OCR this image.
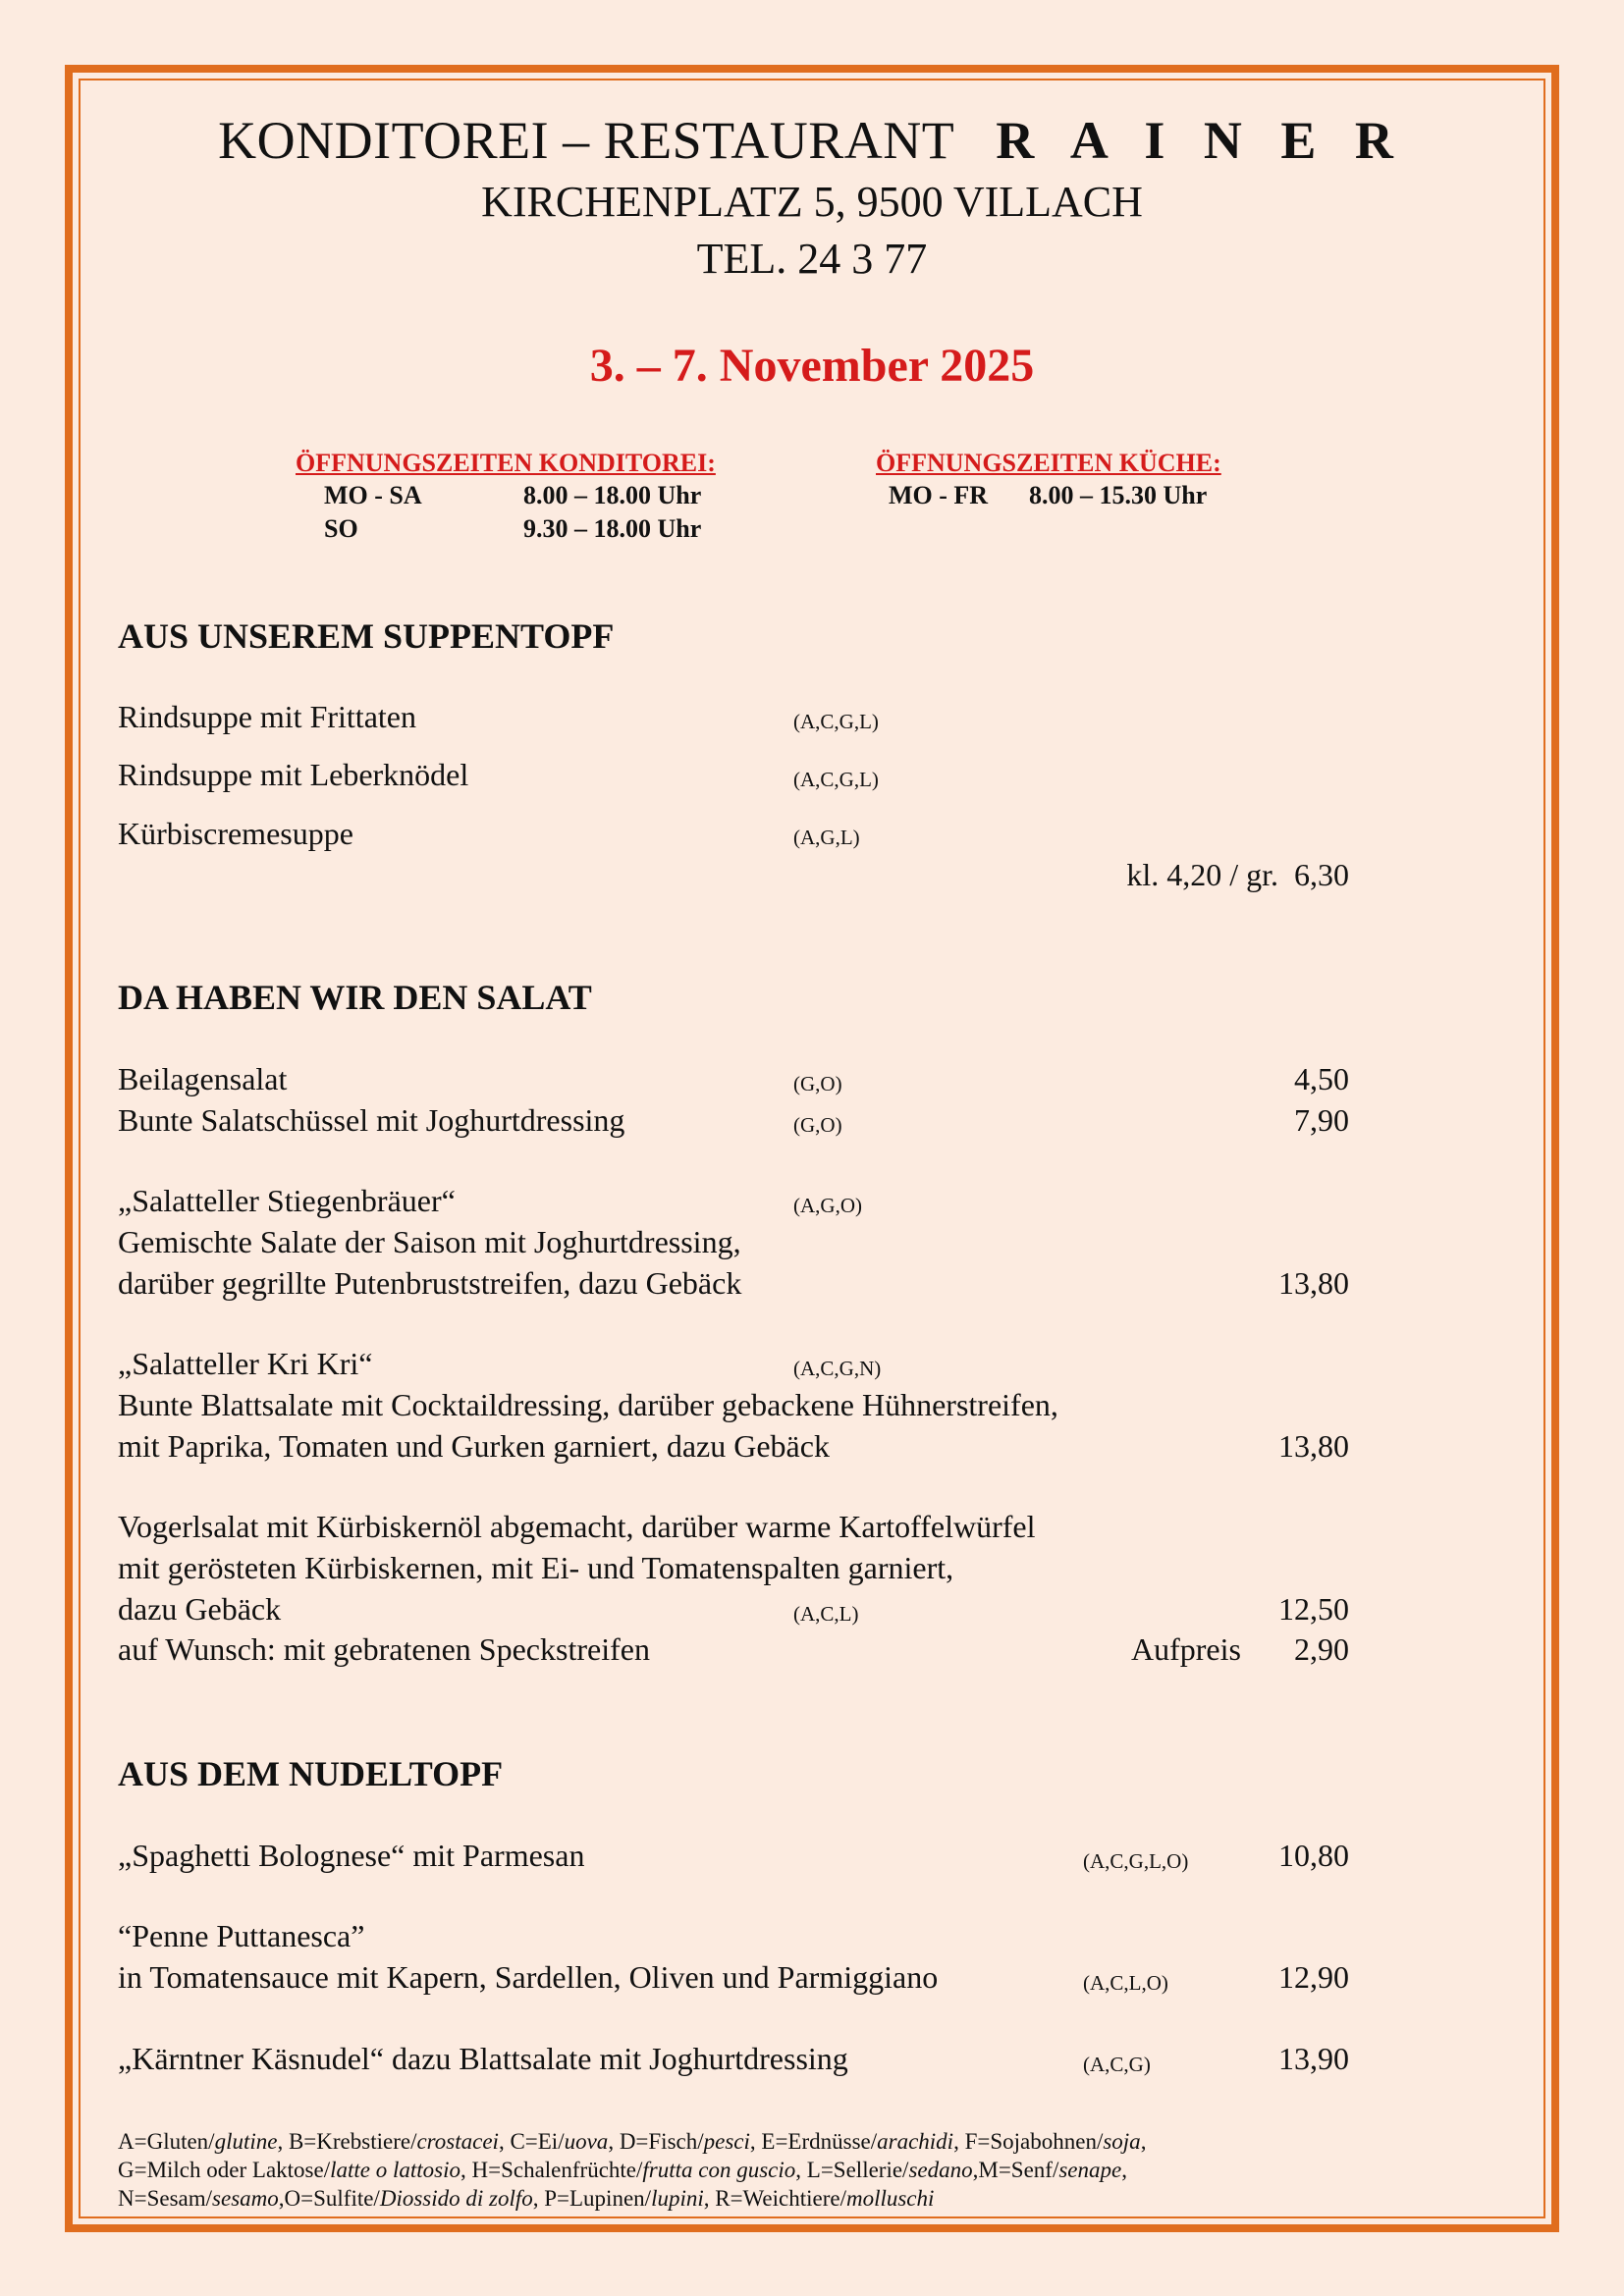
KONDITOREI – RESTAURANT R A I N E R
KIRCHENPLATZ 5, 9500 VILLACH
TEL. 24 3 77
3. – 7. November 2025
ÖFFNUNGSZEITEN KONDITOREI:
MO - SA	8.00 – 18.00 Uhr
SO	9.30 – 18.00 Uhr
ÖFFNUNGSZEITEN KÜCHE:
MO - FR 8.00 – 15.30 Uhr
AUS UNSEREM SUPPENTOPF
Rindsuppe mit Frittaten	(A,C,G,L)
Rindsuppe mit Leberknödel	(A,C,G,L)
Kürbiscremesuppe	(A,G,L)
kl. 4,20 / gr.  6,30
DA HABEN WIR DEN SALAT
Beilagensalat	(G,O)	4,50
Bunte Salatschüssel mit Joghurtdressing	(G,O)	7,90
„Salatteller Stiegenbräuer“	(A,G,O)
Gemischte Salate der Saison mit Joghurtdressing,
darüber gegrillte Putenbruststreifen, dazu Gebäck	13,80
„Salatteller Kri Kri“	(A,C,G,N)
Bunte Blattsalate mit Cocktaildressing, darüber gebackene Hühnerstreifen,
mit Paprika, Tomaten und Gurken garniert, dazu Gebäck	13,80
Vogerlsalat mit Kürbiskernöl abgemacht, darüber warme Kartoffelwürfel
mit gerösteten Kürbiskernen, mit Ei- und Tomatenspalten garniert,
dazu Gebäck	(A,C,L)	12,50
auf Wunsch: mit gebratenen Speckstreifen	Aufpreis 2,90
AUS DEM NUDELTOPF
„Spaghetti Bolognese“ mit Parmesan	(A,C,G,L,O)	10,80
“Penne Puttanesca”
in Tomatensauce mit Kapern, Sardellen, Oliven und Parmiggiano	(A,C,L,O)	12,90
„Kärntner Käsnudel“ dazu Blattsalate mit Joghurtdressing	(A,C,G)	13,90
A=Gluten/glutine, B=Krebstiere/crostacei, C=Ei/uova, D=Fisch/pesci, E=Erdnüsse/arachidi, F=Sojabohnen/soja,
G=Milch oder Laktose/latte o lattosio, H=Schalenfrüchte/frutta con guscio, L=Sellerie/sedano,M=Senf/senape,
N=Sesam/sesamo,O=Sulfite/Diossido di zolfo, P=Lupinen/lupini, R=Weichtiere/molluschi
